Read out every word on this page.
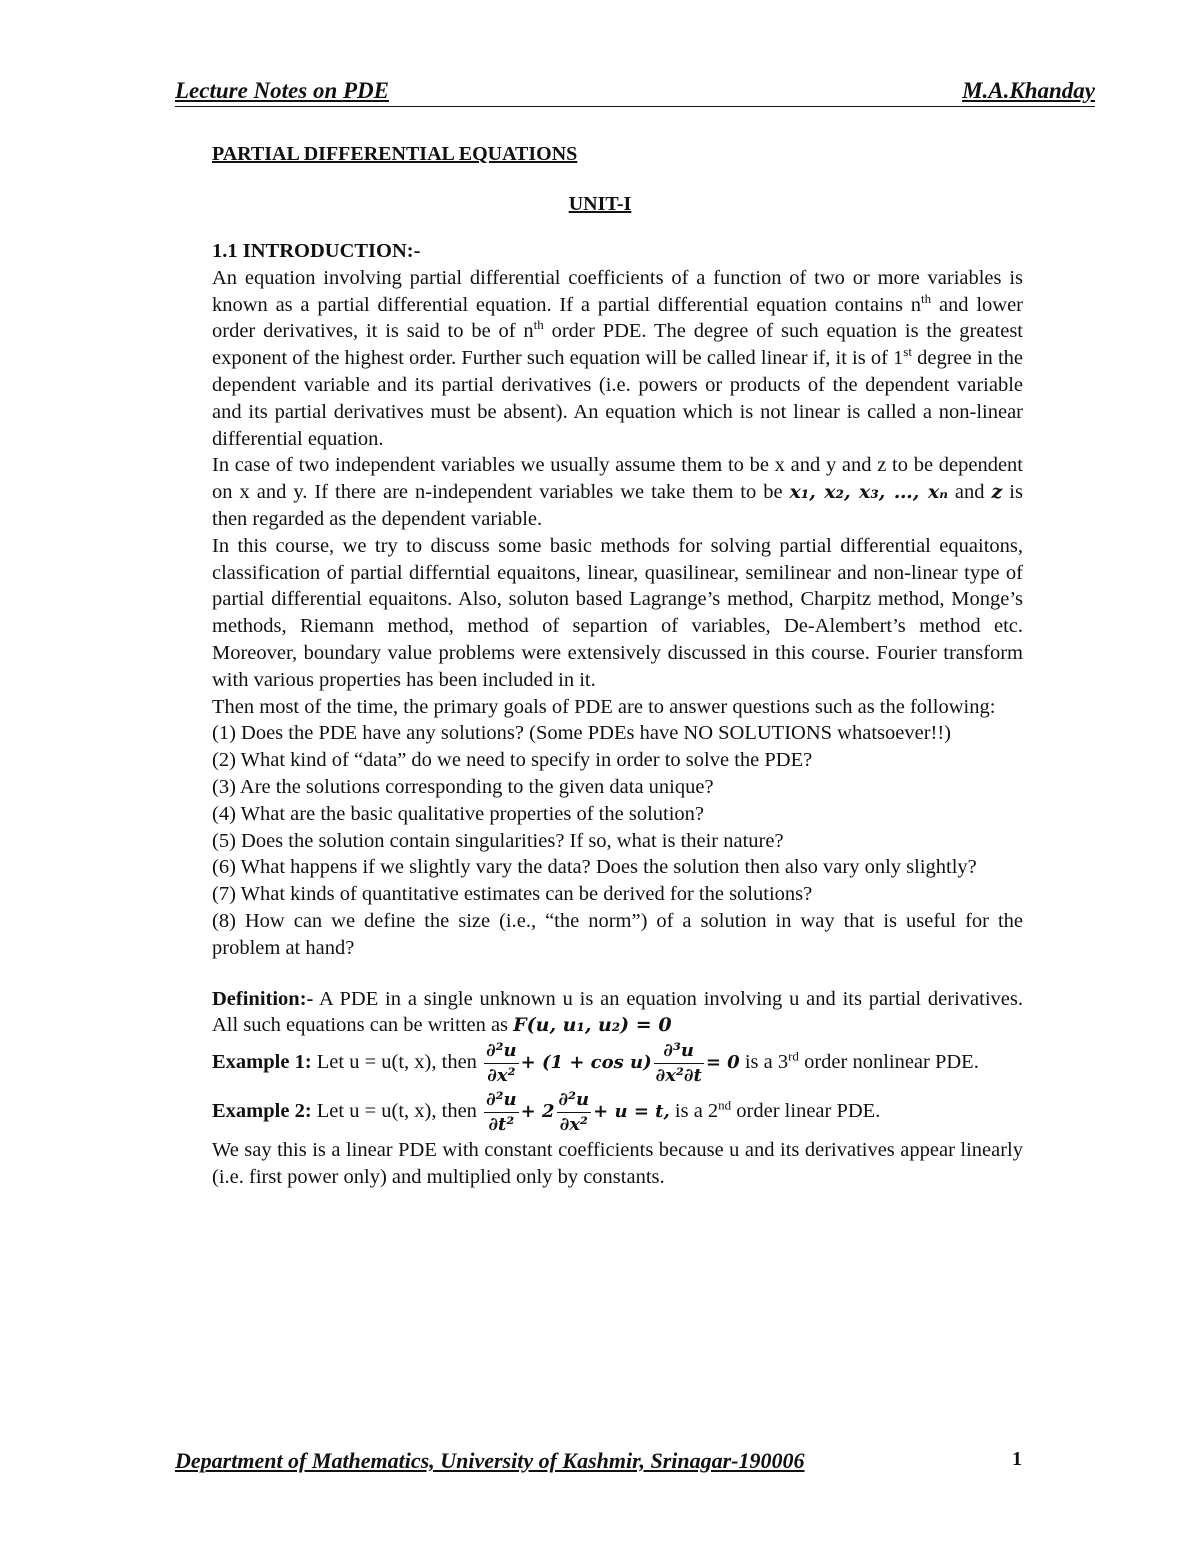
Lecture Notes on PDE	M.A.Khanday
PARTIAL DIFFERENTIAL EQUATIONS
UNIT-I

1.1 INTRODUCTION:-

An equation involving partial differential coefficients of a function of two or more variables is known as a partial differential equation. If a partial differential equation contains $n^{th}$ and lower order derivatives, it is said to be of $n^{th}$ order PDE. The degree of such equation is the greatest exponent of the highest order. Further such equation will be called linear if, it is of 1st degree in the dependent variable and its partial derivatives (i.e. powers or products of the dependent variable and its partial derivatives must be absent). An equation which is not linear is called a non-linear differential equation.

In case of two independent variables we usually assume them to be x and y and z to be dependent on x and y. If there are n-independent variables we take them to be x₁, x₂, x₃, …, xₙ and z is then regarded as the dependent variable.

In this course, we try to discuss some basic methods for solving partial differential equaitons, classification of partial differntial equaitons, linear, quasilinear, semilinear and non-linear type of partial differential equaitons. Also, soluton based Lagrange’s method, Charpitz method, Monge’s methods, Riemann method, method of separtion of variables, De-Alembert’s method etc. Moreover, boundary value problems were extensively discussed in this course. Fourier transform with various properties has been included in it.

Then most of the time, the primary goals of PDE are to answer questions such as the following:

(1) Does the PDE have any solutions? (Some PDEs have NO SOLUTIONS whatsoever!!)

(2) What kind of “data” do we need to specify in order to solve the PDE?

(3) Are the solutions corresponding to the given data unique?

(4) What are the basic qualitative properties of the solution?

(5) Does the solution contain singularities? If so, what is their nature?

(6) What happens if we slightly vary the data? Does the solution then also vary only slightly?

(7) What kinds of quantitative estimates can be derived for the solutions?

(8) How can we define the size (i.e., “the norm”) of a solution in way that is useful for the problem at hand?

Definition:- A PDE in a single unknown u is an equation involving u and its partial derivatives. All such equations can be written as F(u, u₁, u₂) = 0

Example 1: Let u = u(t, x), then $\frac{\text{∂²u}}{\text{∂x²}} + (1 + \cos u) \frac{\text{∂³u}}{\text{∂x²∂t}} = 0$ is a 3rd order nonlinear PDE.

Example 2: Let u = u(t, x), then $\frac{\text{∂²u}}{\text{∂t²}} + 2 \frac{\text{∂²u}}{\text{∂x²}} + u = t$, is a 2nd order linear PDE.

We say this is a linear PDE with constant coefficients because u and its derivatives appear linearly (i.e. first power only) and multiplied only by constants.

Department of Mathematics, University of Kashmir, Srinagar-190006	1
